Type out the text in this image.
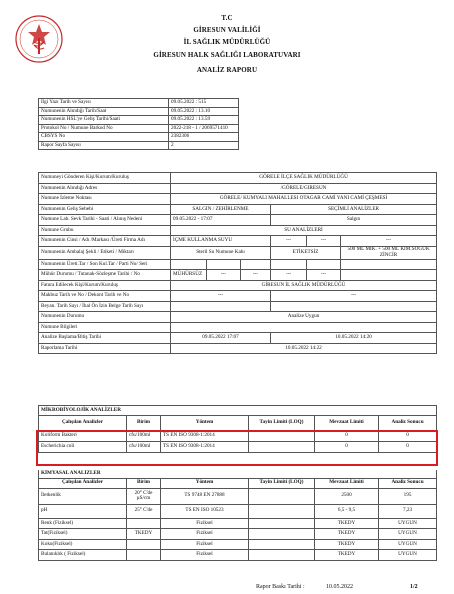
T.C
GİRESUN VALİLİĞİ
İL SAĞLIK MÜDÜRLÜĞÜ
GİRESUN HALK SAĞLIĞI LABORATUVARI
ANALİZ RAPORU
İlgi Yazı Tarih ve Sayısı	09.05.2022 : 515
Numunenin Alındığı Tarih/Saat	09.05.2022 : 13.10
Numunenin HSL'ye Geliş Tarihi/Saati	09.05.2022 : 13.59
Protokol No / Numune Barkod No	2022-218 - 1 / 2069571410
CBSYS No	2382306
Rapor Sayfa Sayısı	2
Numuneyi Gönderen Kişi/Kurum/Kuruluş	GÖRELE İLÇE SAĞLIK MÜDÜRLÜĞÜ					
Numunenin Alındığı Adres	/GÖRELE/GIRESUN					
Numune İzleme Noktası	GÖRELE/ KUMYALI MAHALLESI OTAGAR CAMİ YANI CAMİ ÇEŞMESİ					
Numunenin Geliş Sebebi	SALGIN / ZEHİRLENME			SEÇİMLİ ANALİZLER		
Numune Lab. Sevk Tarihi - Saati / Alınış Nedeni	09.05.2022 - 17:07			Salgın		
Numune Grubu	SU ANALİZLERİ					
Numunenin Cinsi / Adı /Markası /Üreti Firma Adı	İÇME KULLANMA SUYU			---	---	---
Numunenin Ambalaj Şekli / Etiketi / Miktarı	Steril Su Numune Kabı			ETİKETSİZ		500 ML MİK. + 500 ML KİM.SOĞUK ZİNCİR
Numunenin Üreti.Tar / Son Kul.Tar / Parti No/ Seri						
Mühür Durumu / Tutanak-Sözleşme Tarihi / No	MÜHÜRSÜZ	---	---	---	---	
Fatura Edilecek Kişi/Kurum/Kuruluş	GİRESUN İL SAĞLIK MÜDÜRLÜĞÜ					
Makbuz Tarih ve No / Dekont Tarih ve No	---			---		
Beyan. Tarih Sayı / İhal Ön İzin Belge Tarih Sayı						
Numunenin Durumu	Analize Uygun					
Numune Bilgileri						
Analize Başlama/Bitiş Tarihi	09.05.2022 17:07			10.05.2022 14:20		
Raporlama Tarihi	10.05.2022 14:22					
MİKROBİYOLOJİK ANALİZLER					
Çalışılan Analizler	Birim	Yöntem	Tayin Limiti (LOQ)	Mevzuat Limiti	Analiz Sonucu
Koliform Bakteri	cfu/100ml	TS EN ISO 9308-1:2014		0	0
Escherichia coli	cfu/100ml	TS EN ISO 9308-1:2014		0	0
KİMYASAL ANALİZLER					
Çalışılan Analizler	Birim	Yöntem	Tayin Limiti (LOQ)	Mevzuat Limiti	Analiz Sonucu
İletkenlik	20° C'de µS/cm	TS 9748 EN 27888		2500	195
pH	25° C'de	TS EN ISO 10523		6,5 - 9,5	7,23
Renk (Fiziksel)		Fiziksel		TKEDY	UYGUN
Tat(Fiziksel)	TKEDY	Fiziksel		TKEDY	UYGUN
Koku(Fiziksel)		Fiziksel		TKEDY	UYGUN
Bulanıklık ( Fiziksel)		Fiziksel		TKEDY	UYGUN
Rapor Baskı Tarihi :	10.05.2022	1/2
